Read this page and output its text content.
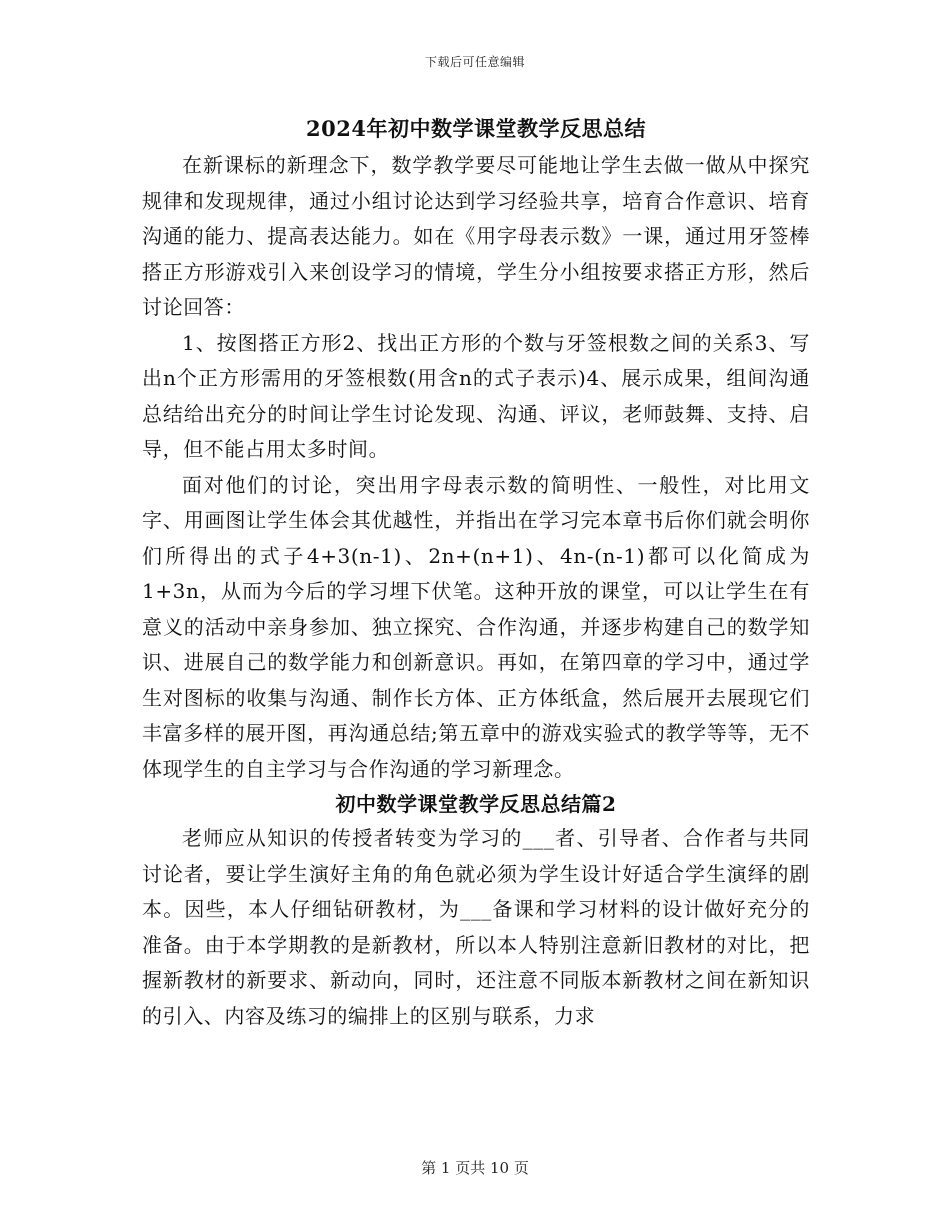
下载后可任意编辑
2024年初中数学课堂教学反思总结

在新课标的新理念下，数学教学要尽可能地让学生去做一做从中探究规律和发现规律，通过小组讨论达到学习经验共享，培育合作意识、培育沟通的能力、提高表达能力。如在《用字母表示数》一课，通过用牙签棒搭正方形游戏引入来创设学习的情境，学生分小组按要求搭正方形，然后讨论回答：

1、按图搭正方形2、找出正方形的个数与牙签根数之间的关系3、写出n个正方形需用的牙签根数(用含n的式子表示)4、展示成果，组间沟通总结给出充分的时间让学生讨论发现、沟通、评议，老师鼓舞、支持、启导，但不能占用太多时间。

面对他们的讨论，突出用字母表示数的简明性、一般性，对比用文字、用画图让学生体会其优越性，并指出在学习完本章书后你们就会明你们所得出的式子4+3(n-1)、2n+(n+1)、4n-(n-1)都可以化简成为1+3n，从而为今后的学习埋下伏笔。这种开放的课堂，可以让学生在有意义的活动中亲身参加、独立探究、合作沟通，并逐步构建自己的数学知识、进展自己的数学能力和创新意识。再如，在第四章的学习中，通过学生对图标的收集与沟通、制作长方体、正方体纸盒，然后展开去展现它们丰富多样的展开图，再沟通总结;第五章中的游戏实验式的教学等等，无不体现学生的自主学习与合作沟通的学习新理念。

初中数学课堂教学反思总结篇2

老师应从知识的传授者转变为学习的___者、引导者、合作者与共同讨论者，要让学生演好主角的角色就必须为学生设计好适合学生演绎的剧本。因些，本人仔细钻研教材，为___备课和学习材料的设计做好充分的准备。由于本学期教的是新教材，所以本人特别注意新旧教材的对比，把握新教材的新要求、新动向，同时，还注意不同版本新教材之间在新知识的引入、内容及练习的编排上的区别与联系，力求

第 1 页共 10 页
